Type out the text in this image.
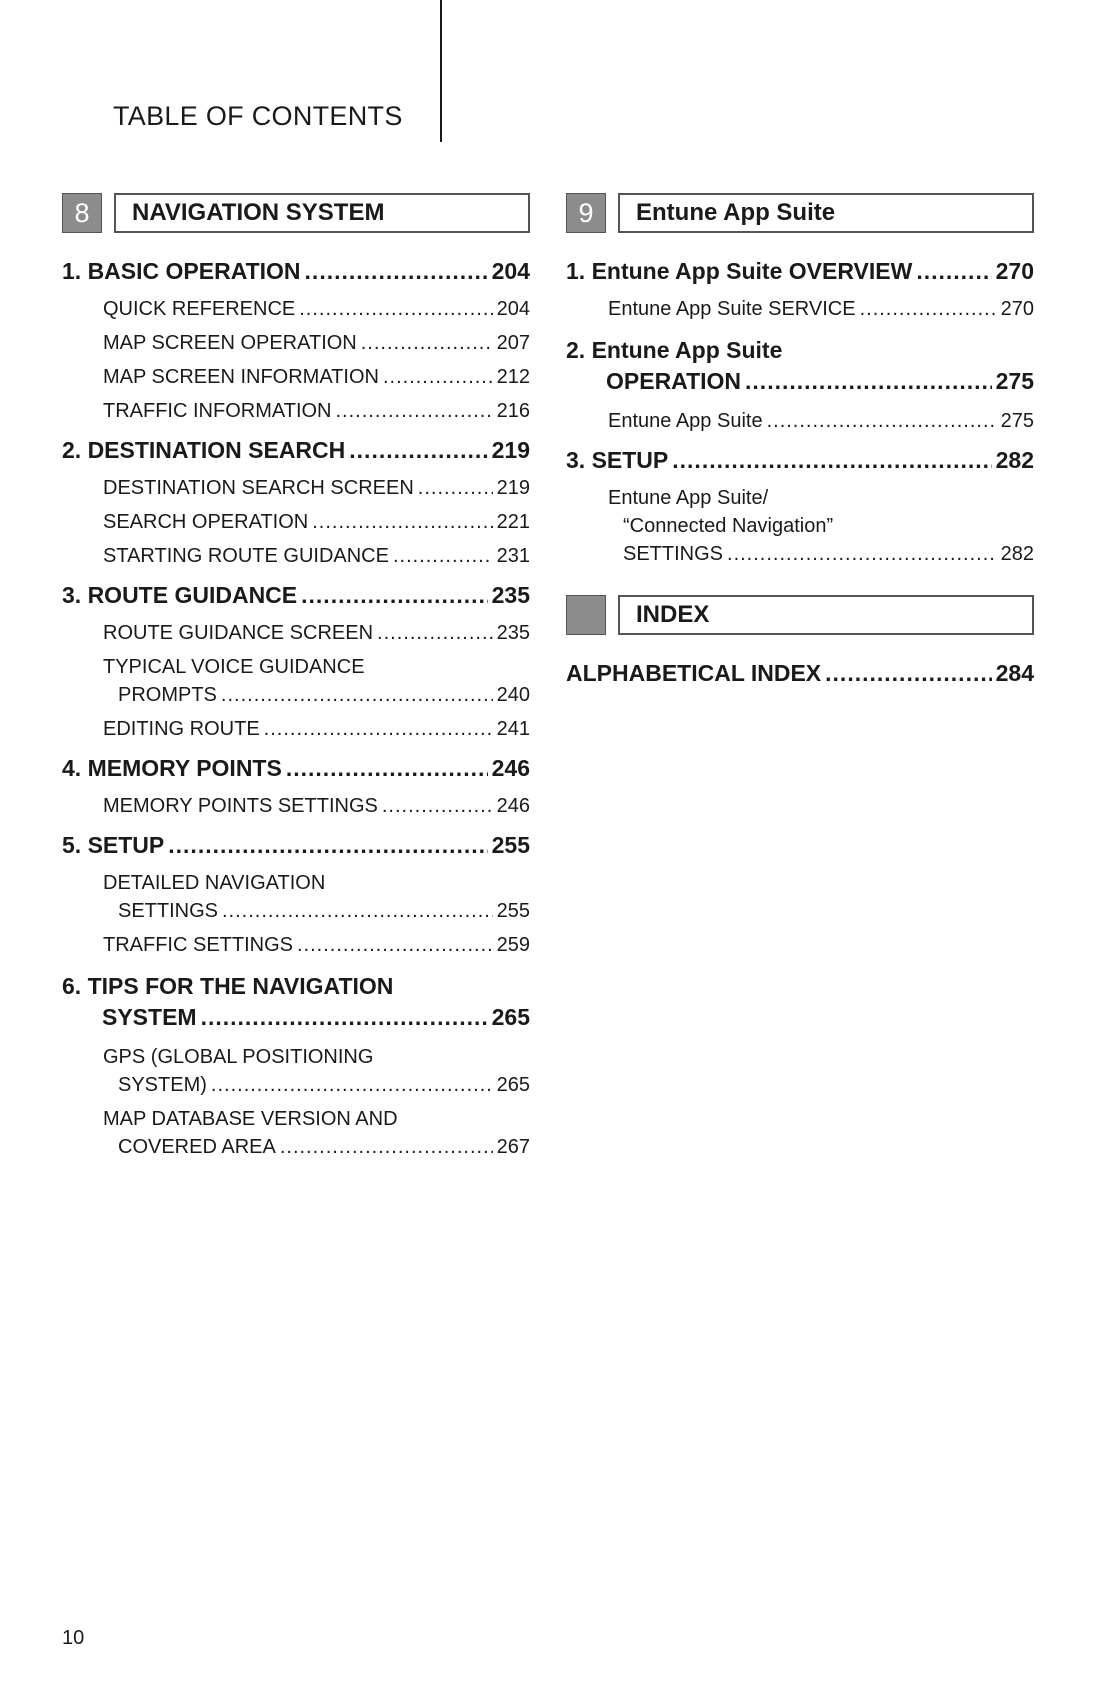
TABLE OF CONTENTS
8	NAVIGATION SYSTEM
1. BASIC OPERATION .....	204
QUICK REFERENCE .....	204
MAP SCREEN OPERATION .....	207
MAP SCREEN INFORMATION .....	212
TRAFFIC INFORMATION .....	216
2. DESTINATION SEARCH .....	219
DESTINATION SEARCH SCREEN .....	219
SEARCH OPERATION .....	221
STARTING ROUTE GUIDANCE .....	231
3. ROUTE GUIDANCE .....	235
ROUTE GUIDANCE SCREEN .....	235
TYPICAL VOICE GUIDANCE
PROMPTS .....	240
EDITING ROUTE .....	241
4. MEMORY POINTS .....	246
MEMORY POINTS SETTINGS .....	246
5. SETUP .....	255
DETAILED NAVIGATION
SETTINGS .....	255
TRAFFIC SETTINGS .....	259
6. TIPS FOR THE NAVIGATION
SYSTEM .....	265
GPS (GLOBAL POSITIONING
SYSTEM) .....	265
MAP DATABASE VERSION AND
COVERED AREA .....	267
9	Entune App Suite
1. Entune App Suite OVERVIEW .....	270
Entune App Suite SERVICE .....	270
2. Entune App Suite
OPERATION .....	275
Entune App Suite .....	275
3. SETUP .....	282
Entune App Suite/
“Connected Navigation”
SETTINGS .....	282
INDEX
ALPHABETICAL INDEX .....	284
10
